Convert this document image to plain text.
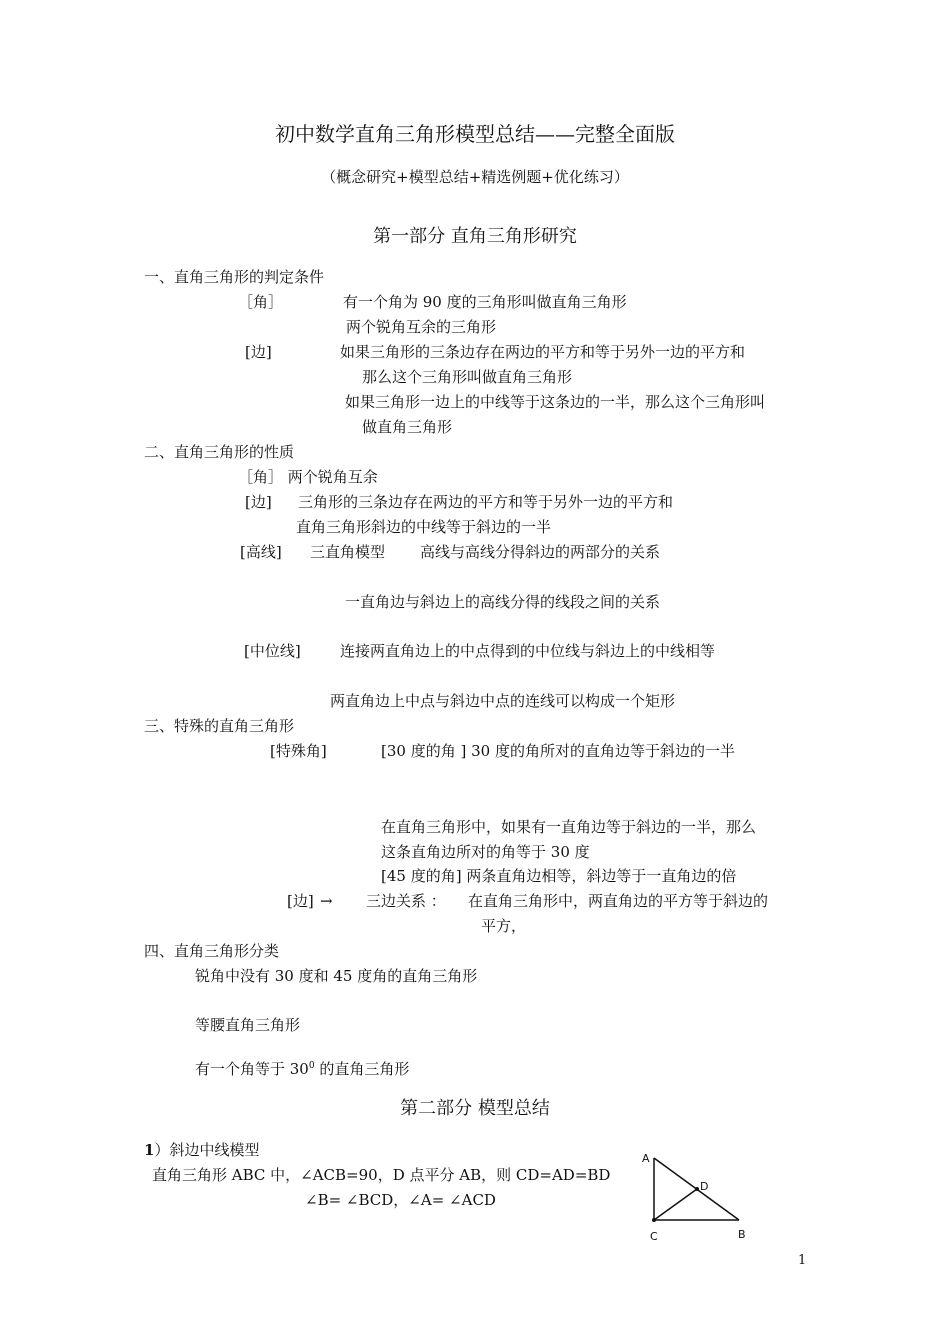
初中数学直角三角形模型总结——完整全面版
（概念研究+模型总结+精选例题+优化练习）
第一部分 直角三角形研究
一、直角三角形的判定条件
［角］	有一个角为 90 度的三角形叫做直角三角形
两个锐角互余的三角形
[边]	如果三角形的三条边存在两边的平方和等于另外一边的平方和
那么这个三角形叫做直角三角形
如果三角形一边上的中线等于这条边的一半，那么这个三角形叫
做直角三角形
二、直角三角形的性质
［角］ 两个锐角互余
[边] 三角形的三条边存在两边的平方和等于另外一边的平方和
直角三角形斜边的中线等于斜边的一半
[高线] 三直角模型 高线与高线分得斜边的两部分的关系
一直角边与斜边上的高线分得的线段之间的关系
[中位线]	连接两直角边上的中点得到的中位线与斜边上的中线相等
两直角边上中点与斜边中点的连线可以构成一个矩形
三、特殊的直角三角形
[特殊角]	[30 度的角 ] 30 度的角所对的直角边等于斜边的一半
在直角三角形中，如果有一直角边等于斜边的一半，那么
这条直角边所对的角等于 30 度
[45 度的角] 两条直角边相等，斜边等于一直角边的倍
[边] → 三边关系 ： 在直角三角形中，两直角边的平方等于斜边的
平方，
四、直角三角形分类
锐角中没有 30 度和 45 度角的直角三角形
等腰直角三角形
有一个角等于 $30^0$ 的直角三角形
第二部分 模型总结
1）斜边中线模型
直角三角形 ABC 中，∠ACB=90，D 点平分 AB，则 CD=AD=BD
∠B= ∠BCD，∠A= ∠ACD
A
D
C	B
1
